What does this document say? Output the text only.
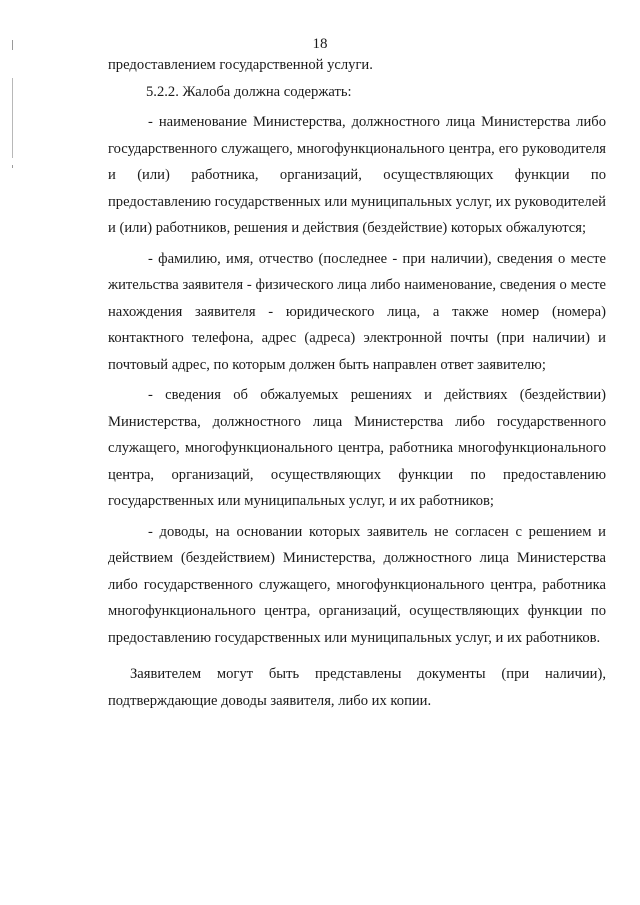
18

предоставлением государственной услуги.

5.2.2. Жалоба должна содержать:

- наименование Министерства, должностного лица Министерства либо государственного служащего, многофункционального центра, его руководителя и (или) работника, организаций, осуществляющих функции по предоставлению государственных или муниципальных услуг, их руководителей и (или) работников, решения и действия (бездействие) которых обжалуются;

- фамилию, имя, отчество (последнее - при наличии), сведения о месте жительства заявителя - физического лица либо наименование, сведения о месте нахождения заявителя - юридического лица, а также номер (номера) контактного телефона, адрес (адреса) электронной почты (при наличии) и почтовый адрес, по которым должен быть направлен ответ заявителю;

- сведения об обжалуемых решениях и действиях (бездействии) Министерства, должностного лица Министерства либо государственного служащего, многофункционального центра, работника многофункционального центра, организаций, осуществляющих функции по предоставлению государственных или муниципальных услуг, и их работников;

- доводы, на основании которых заявитель не согласен с решением и действием (бездействием) Министерства, должностного лица Министерства либо государственного служащего, многофункционального центра, работника многофункционального центра, организаций, осуществляющих функции по предоставлению государственных или муниципальных услуг, и их работников.

Заявителем могут быть представлены документы (при наличии), подтверждающие доводы заявителя, либо их копии.
